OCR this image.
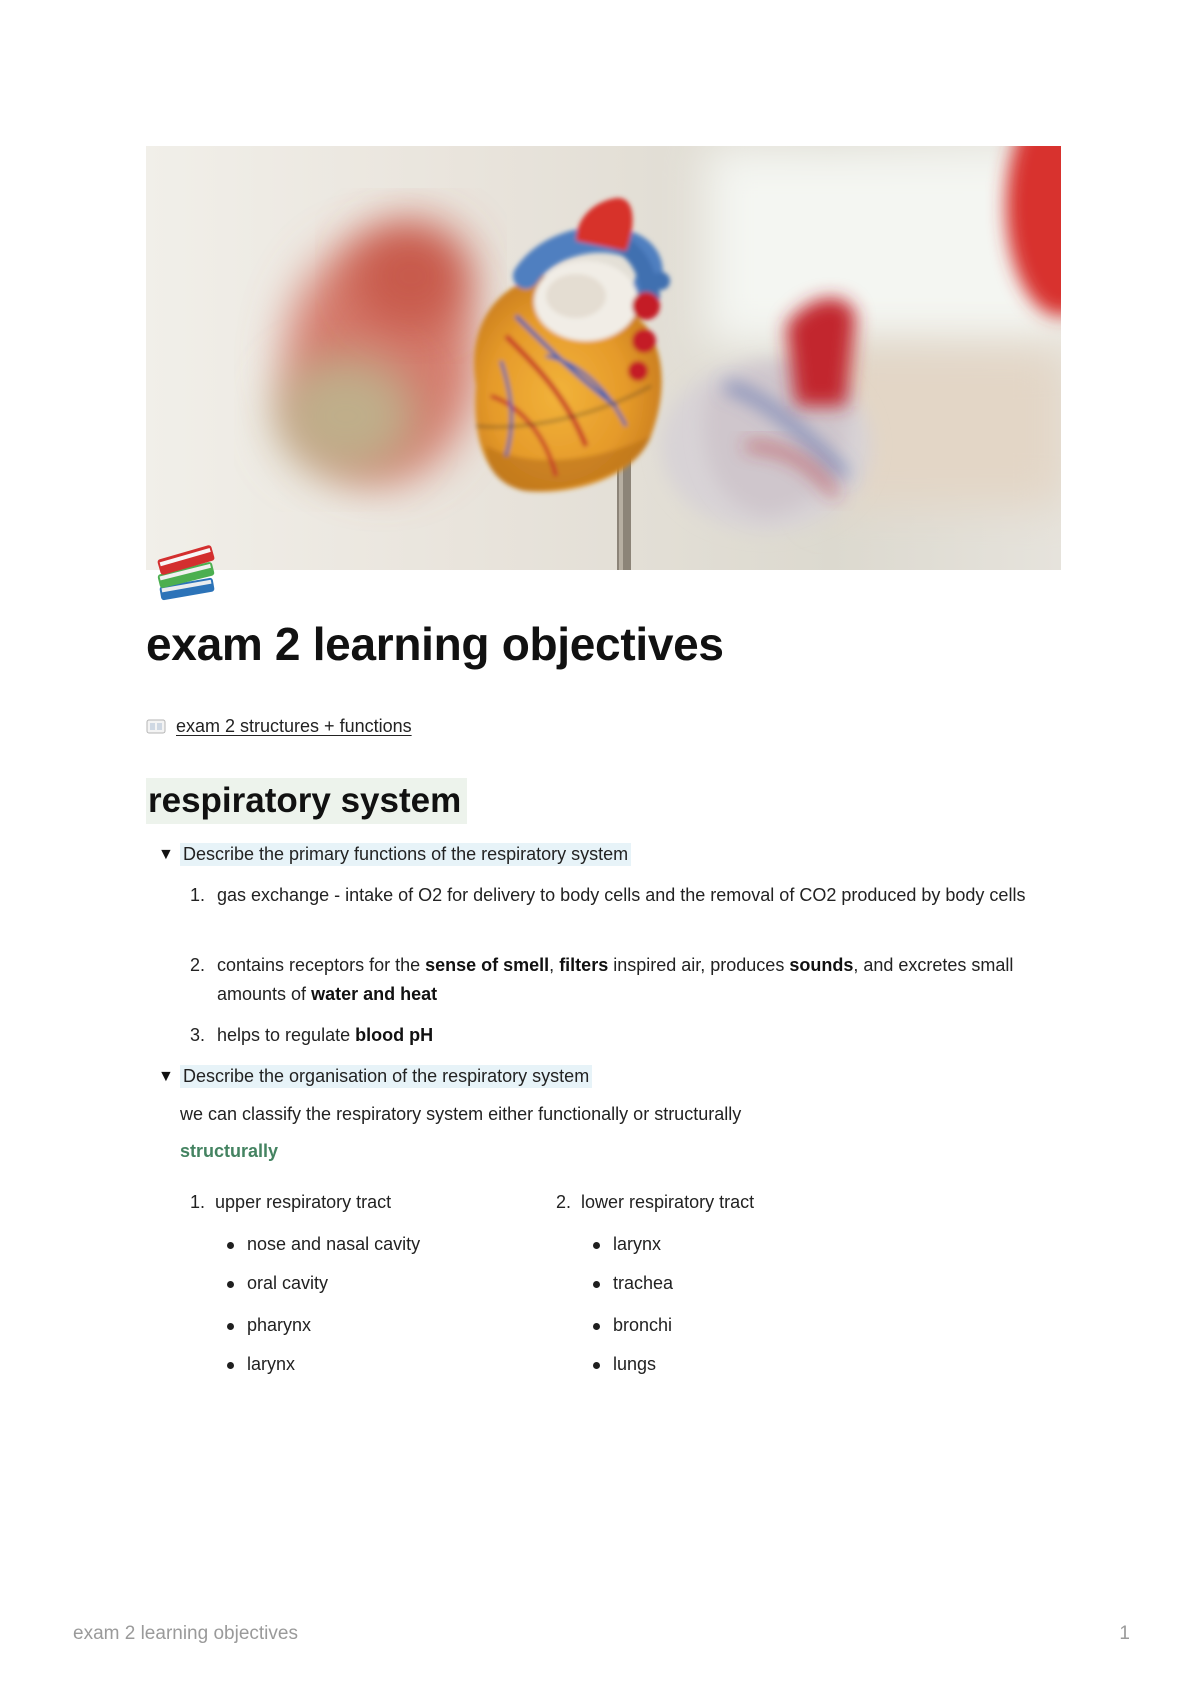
exam 2 learning objectives
exam 2 structures + functions
respiratory system
▼ Describe the primary functions of the respiratory system
1. gas exchange - intake of O2 for delivery to body cells and the removal of CO2 produced by body cells
2. contains receptors for the sense of smell, filters inspired air, produces sounds, and excretes small amounts of water and heat
3. helps to regulate blood pH
▼ Describe the organisation of the respiratory system
we can classify the respiratory system either functionally or structurally
structurally
1. upper respiratory tract
nose and nasal cavity
oral cavity
pharynx
larynx
2. lower respiratory tract
larynx
trachea
bronchi
lungs
exam 2 learning objectives	1
